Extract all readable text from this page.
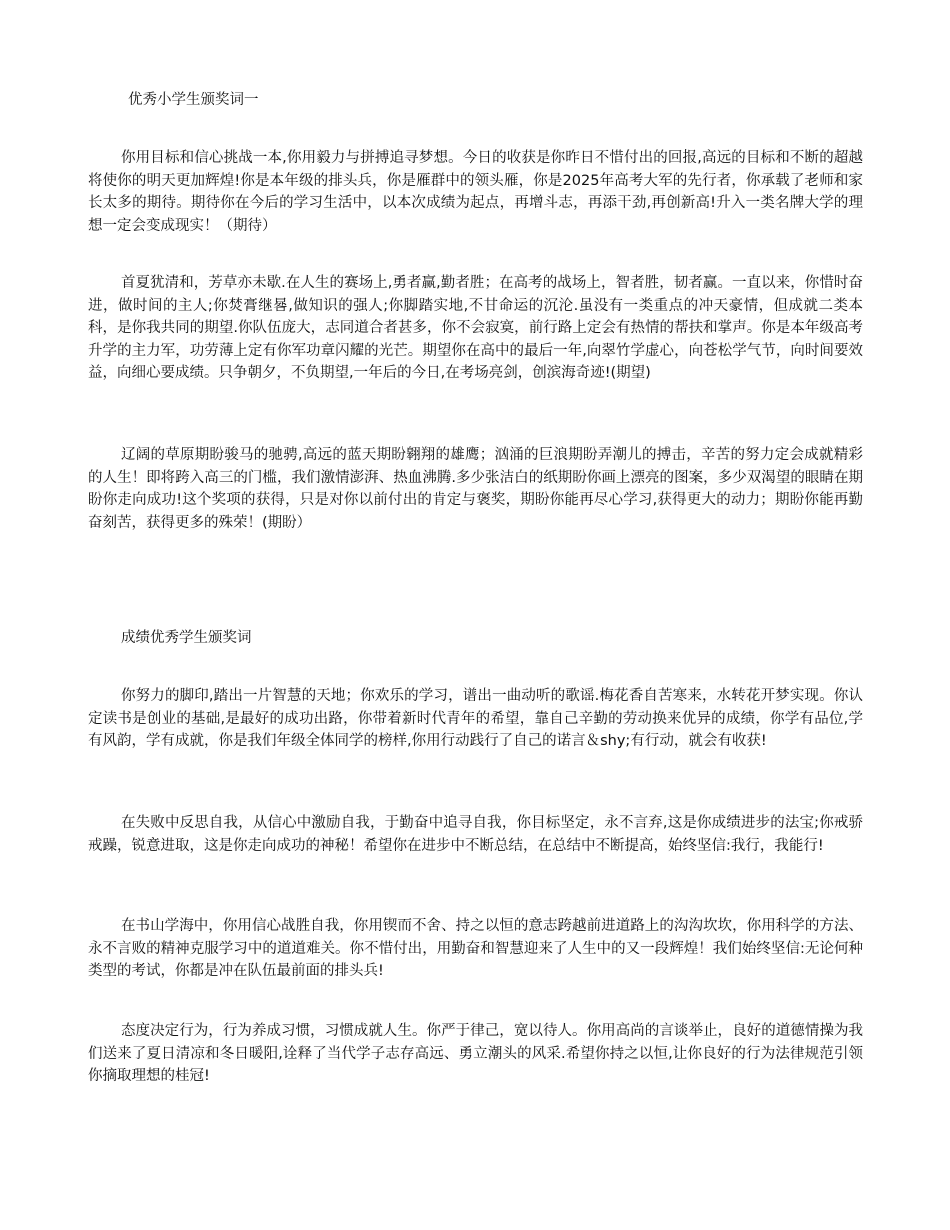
优秀小学生颁奖词一

你用目标和信心挑战一本,你用毅力与拼搏追寻梦想。今日的收获是你昨日不惜付出的回报,高远的目标和不断的超越将使你的明天更加辉煌!你是本年级的排头兵，你是雁群中的领头雁，你是2025年高考大军的先行者，你承载了老师和家长太多的期待。期待你在今后的学习生活中，以本次成绩为起点，再增斗志，再添干劲,再创新高!升入一类名牌大学的理想一定会变成现实！（期待）

首夏犹清和，芳草亦未歇.在人生的赛场上,勇者赢,勤者胜；在高考的战场上，智者胜，韧者赢。一直以来，你惜时奋进，做时间的主人;你焚膏继晷,做知识的强人;你脚踏实地,不甘命运的沉沦.虽没有一类重点的冲天豪情，但成就二类本科，是你我共同的期望.你队伍庞大，志同道合者甚多，你不会寂寞，前行路上定会有热情的帮扶和掌声。你是本年级高考升学的主力军，功劳薄上定有你军功章闪耀的光芒。期望你在高中的最后一年,向翠竹学虚心，向苍松学气节，向时间要效益，向细心要成绩。只争朝夕，不负期望,一年后的今日,在考场亮剑，创滨海奇迹!(期望)

辽阔的草原期盼骏马的驰骋,高远的蓝天期盼翱翔的雄鹰；汹涌的巨浪期盼弄潮儿的搏击，辛苦的努力定会成就精彩的人生！即将跨入高三的门槛，我们激情澎湃、热血沸腾.多少张洁白的纸期盼你画上漂亮的图案，多少双渴望的眼睛在期盼你走向成功!这个奖项的获得，只是对你以前付出的肯定与褒奖，期盼你能再尽心学习,获得更大的动力；期盼你能再勤奋刻苦，获得更多的殊荣！(期盼）

成绩优秀学生颁奖词

你努力的脚印,踏出一片智慧的天地；你欢乐的学习，谱出一曲动听的歌谣.梅花香自苦寒来，水转花开梦实现。你认定读书是创业的基础,是最好的成功出路，你带着新时代青年的希望，靠自己辛勤的劳动换来优异的成绩，你学有品位,学有风韵，学有成就，你是我们年级全体同学的榜样,你用行动践行了自己的诺言＆shy;有行动，就会有收获!

在失败中反思自我，从信心中激励自我，于勤奋中追寻自我，你目标坚定，永不言弃,这是你成绩进步的法宝;你戒骄戒躁，锐意进取，这是你走向成功的神秘！希望你在进步中不断总结，在总结中不断提高，始终坚信:我行，我能行!

在书山学海中，你用信心战胜自我，你用锲而不舍、持之以恒的意志跨越前进道路上的沟沟坎坎，你用科学的方法、永不言败的精神克服学习中的道道难关。你不惜付出，用勤奋和智慧迎来了人生中的又一段辉煌！我们始终坚信:无论何种类型的考试，你都是冲在队伍最前面的排头兵!

态度决定行为，行为养成习惯，习惯成就人生。你严于律己，宽以待人。你用高尚的言谈举止，良好的道德情操为我们送来了夏日清凉和冬日暖阳,诠释了当代学子志存高远、勇立潮头的风采.希望你持之以恒,让你良好的行为法律规范引领你摘取理想的桂冠!
